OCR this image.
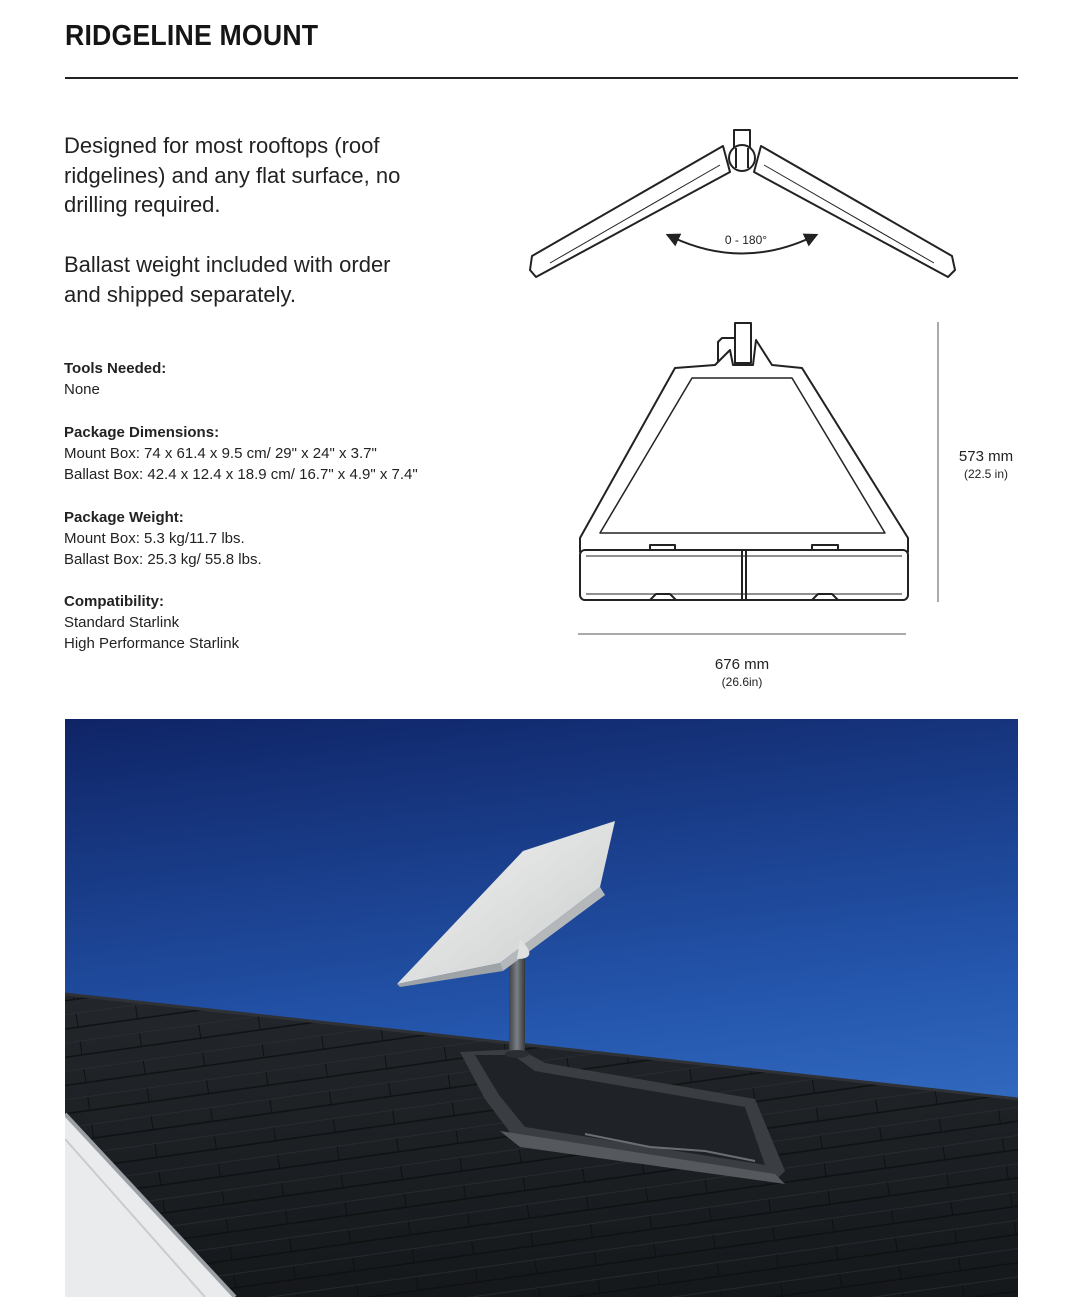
RIDGELINE MOUNT
Designed for most rooftops (roof ridgelines) and any flat surface, no drilling required.
Ballast weight included with order and shipped separately.
Tools Needed:
None
Package Dimensions:
Mount Box: 74 x 61.4 x 9.5 cm/ 29" x 24" x 3.7"
Ballast Box: 42.4 x 12.4 x 18.9 cm/ 16.7" x 4.9" x 7.4"
Package Weight:
Mount Box: 5.3 kg/11.7 lbs.
Ballast Box: 25.3 kg/ 55.8 lbs.
Compatibility:
Standard Starlink
High Performance Starlink
0 - 180°
676 mm
(26.6in)
573 mm
(22.5 in)
